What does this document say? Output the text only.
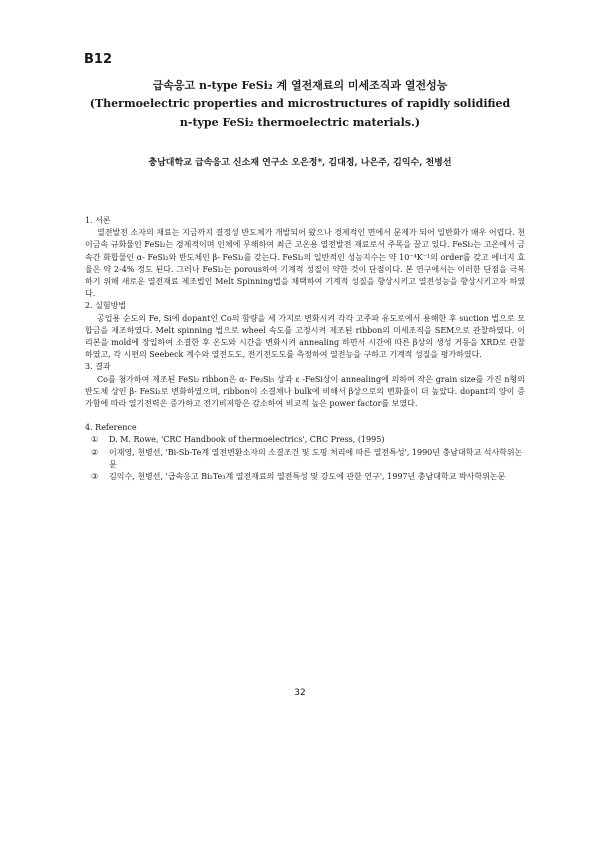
B12
급속응고 n-type FeSi₂ 계 열전재료의 미세조직과 열전성능
(Thermoelectric properties and microstructures of rapidly solidified
n-type FeSi₂ thermoelectric materials.)
충남대학교 급속응고 신소재 연구소 오은정*, 김대정, 나은주, 김익수, 천병선

1. 서론

열전발전 소자의 재료는 지금까지 결정성 반도체가 개발되어 왔으나 경제적인 면에서 문제가 되어 일반화가 매우 어렵다. 천이금속 규화물인 FeSi₂는 경제적이며 인체에 무해하여 최근 고온용 열전발전 재료로서 주목을 끌고 있다. FeSi₂는 고온에서 금속간 화합물인 α- FeSi₂와 반도체인 β- FeSi₂를 갖는다. FeSi₂의 일반적인 성능지수는 약 10⁻⁴K⁻¹의 order를 갖고 에너지 효율은 약 2-4% 정도 된다. 그러나 FeSi₂는 porous하여 기계적 성질이 약한 것이 단점이다. 본 연구에서는 이러한 단점을 극복하기 위해 새로운 열전재료 제조법인 Melt Spinning법을 채택하여 기계적 성질을 향상시키고 열전성능을 향상시키고자 하였다.

2. 실험방법

공업용 순도의 Fe, Si에 dopant인 Co의 함량을 세 가지로 변화시켜 각각 고주파 유도로에서 용해한 후 suction 법으로 모합금을 제조하였다. Melt spinning 법으로 wheel 속도를 고정시켜 제조된 ribbon의 미세조직을 SEM으로 관찰하였다. 이 리본을 mold에 장입하여 소결한 후 온도와 시간을 변화시켜 annealing 하면서 시간에 따른 β상의 생성 거동을 XRD로 관찰하였고, 각 시편의 Seebeck 계수와 열전도도, 전기전도도를 측정하여 열전능을 구하고 기계적 성질을 평가하였다.

3. 결과

Co를 첨가하여 제조된 FeSi₂ ribbon은 α- Fe₂Si₅ 상과 ε -FeSi상이 annealing에 의하여 작은 grain size를 가진 n형의 반도체 상인 β- FeSi₂로 변화하였으며, ribbon이 소결체나 bulk에 비해서 β상으로의 변화율이 더 높았다. dopant의 양이 증가함에 따라 열기전력은 증가하고 전기비저항은 감소하여 비교적 높은 power factor를 보였다.

4. Reference

①	D. M. Rowe, 'CRC Handbook of thermoelectrics', CRC Press, (1995)
②	이재영, 천병선, 'Bi-Sb-Te계 열전변환소자의 소결조건 및 도핑 처리에 따른 열전특성', 1990년 충남대학교 석사학위논문
③	김익수, 천병선, '급속응고 Bi₂Te₃계 열전재료의 열전특성 및 강도에 관한 연구', 1997년 충남대학교 박사학위논문
32
